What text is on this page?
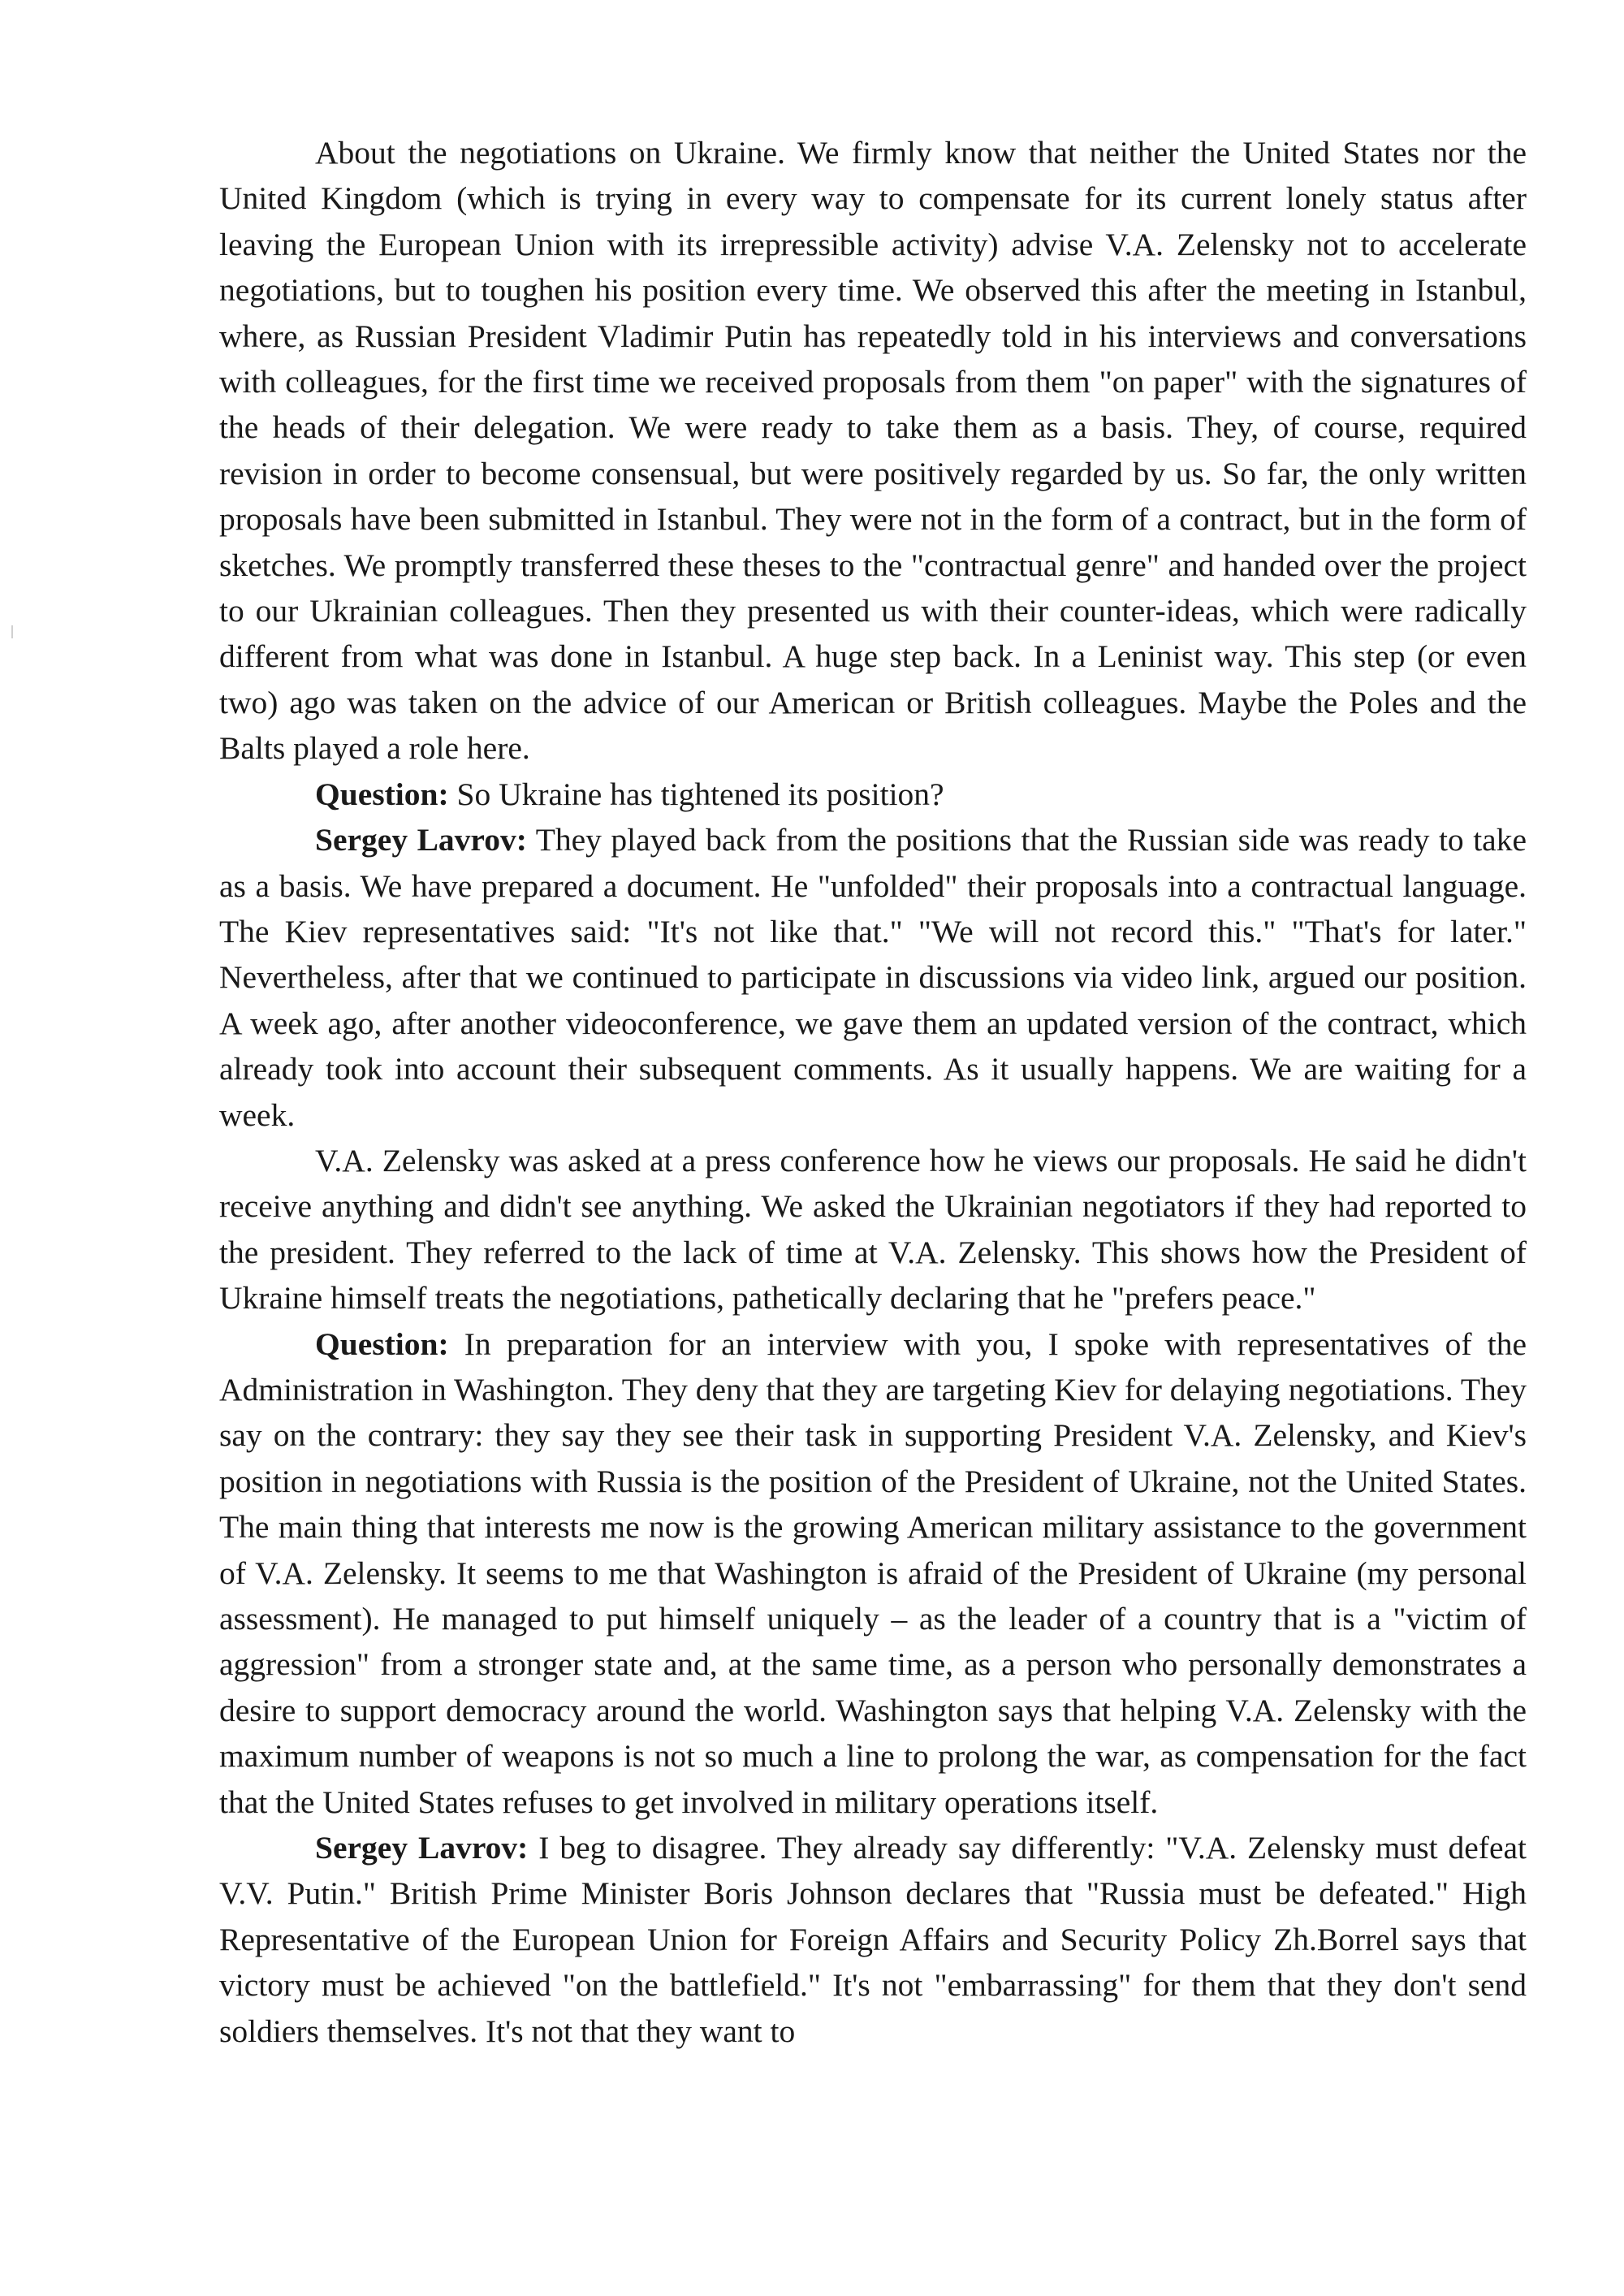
About the negotiations on Ukraine. We firmly know that neither the United States nor the United Kingdom (which is trying in every way to compensate for its current lonely status after leaving the European Union with its irrepressible activity) advise V.A. Zelensky not to accelerate negotiations, but to toughen his position every time. We observed this after the meeting in Istanbul, where, as Russian President Vladimir Putin has repeatedly told in his interviews and conversations with colleagues, for the first time we received proposals from them "on paper" with the signatures of the heads of their delegation. We were ready to take them as a basis. They, of course, required revision in order to become consensual, but were positively regarded by us. So far, the only written proposals have been submitted in Istanbul. They were not in the form of a contract, but in the form of sketches. We promptly transferred these theses to the "contractual genre" and handed over the project to our Ukrainian colleagues. Then they presented us with their counter-ideas, which were radically different from what was done in Istanbul. A huge step back. In a Leninist way. This step (or even two) ago was taken on the advice of our American or British colleagues. Maybe the Poles and the Balts played a role here.

Question: So Ukraine has tightened its position?

Sergey Lavrov: They played back from the positions that the Russian side was ready to take as a basis. We have prepared a document. He "unfolded" their proposals into a contractual language. The Kiev representatives said: "It's not like that." "We will not record this." "That's for later." Nevertheless, after that we continued to participate in discussions via video link, argued our position. A week ago, after another videoconference, we gave them an updated version of the contract, which already took into account their subsequent comments. As it usually happens. We are waiting for a week.

V.A. Zelensky was asked at a press conference how he views our proposals. He said he didn't receive anything and didn't see anything. We asked the Ukrainian negotiators if they had reported to the president. They referred to the lack of time at V.A. Zelensky. This shows how the President of Ukraine himself treats the negotiations, pathetically declaring that he "prefers peace."

Question: In preparation for an interview with you, I spoke with representatives of the Administration in Washington. They deny that they are targeting Kiev for delaying negotiations. They say on the contrary: they say they see their task in supporting President V.A. Zelensky, and Kiev's position in negotiations with Russia is the position of the President of Ukraine, not the United States. The main thing that interests me now is the growing American military assistance to the government of V.A. Zelensky. It seems to me that Washington is afraid of the President of Ukraine (my personal assessment). He managed to put himself uniquely – as the leader of a country that is a "victim of aggression" from a stronger state and, at the same time, as a person who personally demonstrates a desire to support democracy around the world. Washington says that helping V.A. Zelensky with the maximum number of weapons is not so much a line to prolong the war, as compensation for the fact that the United States refuses to get involved in military operations itself.

Sergey Lavrov: I beg to disagree. They already say differently: "V.A. Zelensky must defeat V.V. Putin." British Prime Minister Boris Johnson declares that "Russia must be defeated." High Representative of the European Union for Foreign Affairs and Security Policy Zh.Borrel says that victory must be achieved "on the battlefield." It's not "embarrassing" for them that they don't send soldiers themselves. It's not that they want to
